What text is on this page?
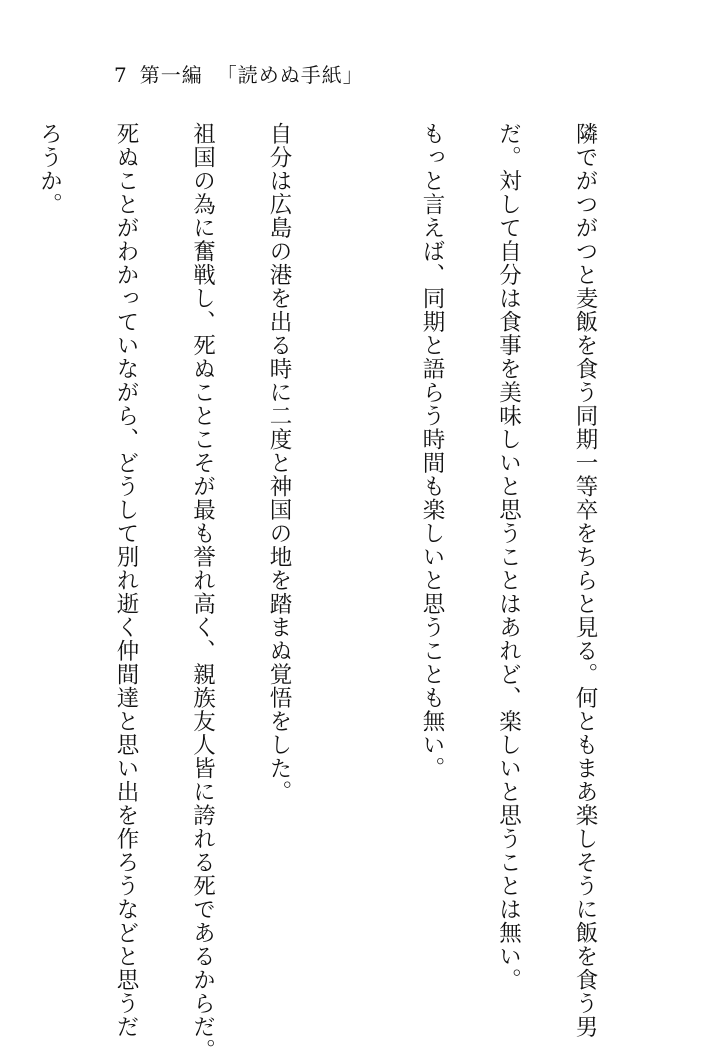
7 第一編 「読めぬ手紙」

隣でがつがつと麦飯を食う同期一等卒をちらと見る。何ともまあ楽しそうに飯を食う男

だ。対して自分は食事を美味しいと思うことはあれど、楽しいと思うことは無い。

もっと言えば、同期と語らう時間も楽しいと思うことも無い。

自分は広島の港を出る時に二度と神国の地を踏まぬ覚悟をした。

祖国の為に奮戦し、死ぬことこそが最も誉れ高く、親族友人皆に誇れる死であるからだ。

死ぬことがわかっていながら、どうして別れ逝く仲間達と思い出を作ろうなどと思うだ

ろうか。
